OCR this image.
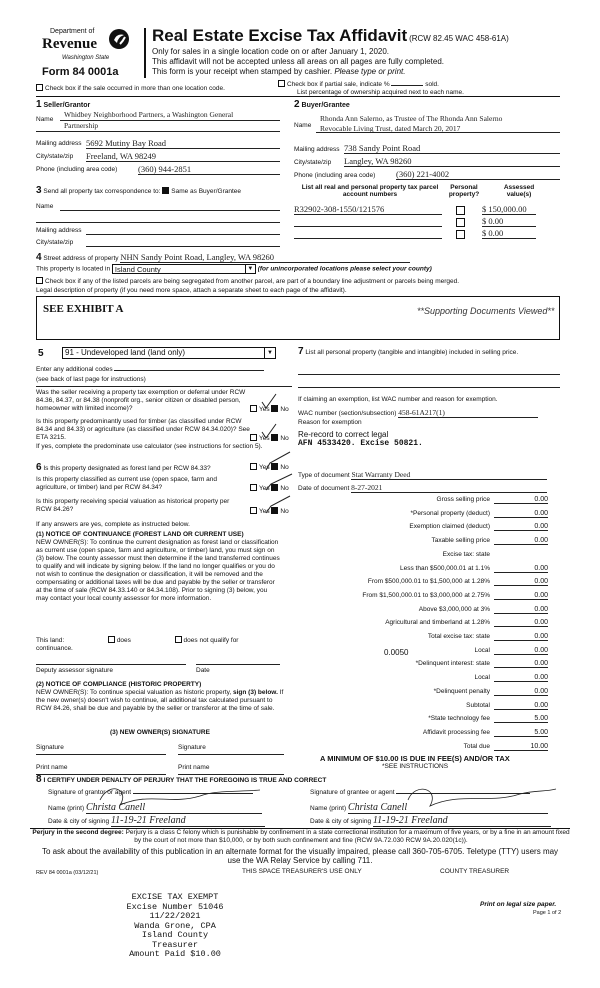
Department of
Revenue
Washington State
Form 84 0001a
Real Estate Excise Tax Affidavit (RCW 82.45 WAC 458-61A)
Only for sales in a single location code on or after January 1, 2020.
This affidavit will not be accepted unless all areas on all pages are fully completed.
This form is your receipt when stamped by cashier. Please type or print.
Check box if the sale occurred in more than one location code.
Check box if partial sale, indicate %	sold.
List percentage of ownership acquired next to each name.
1 Seller/Grantor
Name
Whidbey Neighborhood Partners, a Washington General
Partnership
Mailing address 5692 Mutiny Bay Road
City/state/zip Freeland, WA 98249
Phone (including area code) (360) 944-2851
2 Buyer/Grantee
Rhonda Ann Salerno, as Trustee of The Rhonda Ann Salerno
Name Revocable Living Trust, dated March 20, 2017
Mailing address 738 Sandy Point Road
City/state/zip Langley, WA 98260
Phone (including area code) (360) 221-4002
3 Send all property tax correspondence to: Same as Buyer/Grantee
Name
Mailing address
City/state/zip
List all real and personal property tax parcel account numbers
Personal property?
Assessed value(s)
R32902-308-1550/121576	$ 150,000.00
$ 0.00
$ 0.00
4 Street address of property NHN Sandy Point Road, Langley, WA 98260
This property is located in Island County	▼ (for unincorporated locations please select your county)
Check box if any of the listed parcels are being segregated from another parcel, are part of a boundary line adjustment or parcels being merged.
Legal description of property (if you need more space, attach a separate sheet to each page of the affidavit).
SEE EXHIBIT A	**Supporting Documents Viewed**
5	91 - Undeveloped land (land only)	▼
Enter any additional codes
(see back of last page for instructions)
Was the seller receiving a property tax exemption or deferral under RCW 84.36, 84.37, or 84.38 (nonprofit org., senior citizen or disabled person, homeowner with limited income)?	Yes No
Is this property predominantly used for timber (as classified under RCW 84.34 and 84.33) or agriculture (as classified under RCW 84.34.020)? See ETA 3215.	Yes No
If yes, complete the predominate use calculator (see instructions for section 5).
6 Is this property designated as forest land per RCW 84.33?	Yes No
Is this property classified as current use (open space, farm and agriculture, or timber) land per RCW 84.34?	Yes No
Is this property receiving special valuation as historical property per RCW 84.26?	Yes No
If any answers are yes, complete as instructed below.
(1) NOTICE OF CONTINUANCE (FOREST LAND OR CURRENT USE)
NEW OWNER(S): To continue the current designation as forest land or classification as current use (open space, farm and agriculture, or timber) land, you must sign on (3) below. The county assessor must then determine if the land transferred continues to qualify and will indicate by signing below. If the land no longer qualifies or you do not wish to continue the designation or classification, it will be removed and the compensating or additional taxes will be due and payable by the seller or transferor at the time of sale (RCW 84.33.140 or 84.34.108). Prior to signing (3) below, you may contact your local county assessor for more information.
This land:	does	does not qualify for
continuance.
Deputy assessor signature	Date
(2) NOTICE OF COMPLIANCE (HISTORIC PROPERTY)
NEW OWNER(S): To continue special valuation as historic property, sign (3) below. If the new owner(s) doesn't wish to continue, all additional tax calculated pursuant to RCW 84.26, shall be due and payable by the seller or transferor at the time of sale.
(3) NEW OWNER(S) SIGNATURE
Signature	Signature
Print name	Print name
7 List all personal property (tangible and intangible) included in selling price.
If claiming an exemption, list WAC number and reason for exemption.
WAC number (section/subsection) 458-61A217(1)
Reason for exemption
Re-record to correct legal
AFN 4533420. Excise 50821.
Type of document Stat Warranty Deed
Date of document 8-27-2021
Gross selling price	0.00
*Personal property (deduct)	0.00
Exemption claimed (deduct)	0.00
Taxable selling price	0.00
Excise tax: state
Less than $500,000.01 at 1.1%	0.00
From $500,000.01 to $1,500,000 at 1.28%	0.00
From $1,500,000.01 to $3,000,000 at 2.75%	0.00
Above $3,000,000 at 3%	0.00
Agricultural and timberland at 1.28%	0.00
Total excise tax: state	0.00
Local	0.00
*Delinquent interest: state	0.00
Local	0.00
*Delinquent penalty	0.00
Subtotal	0.00
*State technology fee	5.00
Affidavit processing fee	5.00
Total due	10.00
0.0050
A MINIMUM OF $10.00 IS DUE IN FEE(S) AND/OR TAX
*SEE INSTRUCTIONS
8 I CERTIFY UNDER PENALTY OF PERJURY THAT THE FOREGOING IS TRUE AND CORRECT
Signature of grantor or agent
Name (print) Christa Canell
Date & city of signing 11-19-21 Freeland
Signature of grantee or agent
Name (print) Christa Canell
Date & city of signing 11-19-21 Freeland
Perjury in the second degree: Perjury is a class C felony which is punishable by confinement in a state correctional institution for a maximum of five years, or by a fine in an amount fixed by the court of not more than $10,000, or by both such confinement and fine (RCW 9A.72.030 RCW 9A.20.020(1c)).
To ask about the availability of this publication in an alternate format for the visually impaired, please call 360-705-6705. Teletype (TTY) users may use the WA Relay Service by calling 711.
REV 84 0001a (03/12/21)	THIS SPACE TREASURER'S USE ONLY	COUNTY TREASURER
EXCISE TAX EXEMPT
Excise Number 51046
11/22/2021
Wanda Grone, CPA
Island County Treasurer
Amount Paid $10.00
Print on legal size paper.
Page 1 of 2
